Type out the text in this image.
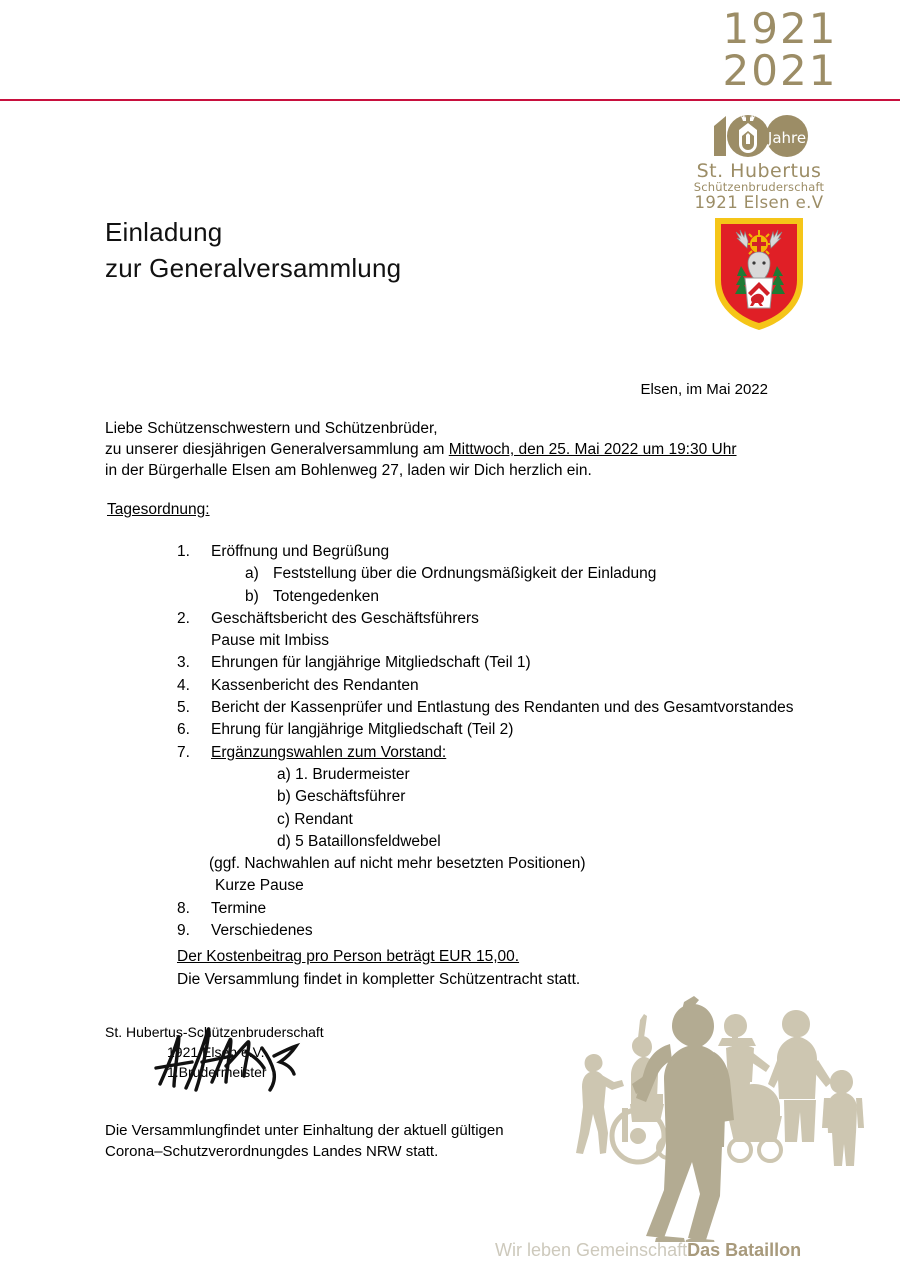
1921
2021
Jahre
St. Hubertus
Schützenbruderschaft
1921 Elsen e.V
Einladung
zur Generalversammlung
Elsen, im Mai 2022

Liebe Schützenschwestern und Schützenbrüder,

zu unserer diesjährigen Generalversammlung am Mittwoch, den 25. Mai 2022 um 19:30 Uhr

in der Bürgerhalle Elsen am Bohlenweg 27, laden wir Dich herzlich ein.

Tagesordnung:
1.	Eröffnung und Begrüßung
a) Feststellung über die Ordnungsmäßigkeit der Einladung
b) Totengedenken
2.	Geschäftsbericht des Geschäftsführers
Pause mit Imbiss
3.	Ehrungen für langjährige Mitgliedschaft (Teil 1)
4.	Kassenbericht des Rendanten
5.	Bericht der Kassenprüfer und Entlastung des Rendanten und des Gesamtvorstandes
6.	Ehrung für langjährige Mitgliedschaft (Teil 2)
7.	Ergänzungswahlen zum Vorstand:
a) 1. Brudermeister
b) Geschäftsführer
c) Rendant
d) 5 Bataillonsfeldwebel
(ggf. Nachwahlen auf nicht mehr besetzten Positionen)
Kurze Pause
8.	Termine
9.	Verschiedenes

Der Kostenbeitrag pro Person beträgt EUR 15,00.

Die Versammlung findet in kompletter Schützentracht statt.

St. Hubertus-Schützenbruderschaft
1921 Elsen e.V.
1.Brudermeister

Die Versammlungfindet unter Einhaltung der aktuell gültigen

Corona–Schutzverordnungdes Landes NRW statt.

Wir leben GemeinschaftDas Bataillon
